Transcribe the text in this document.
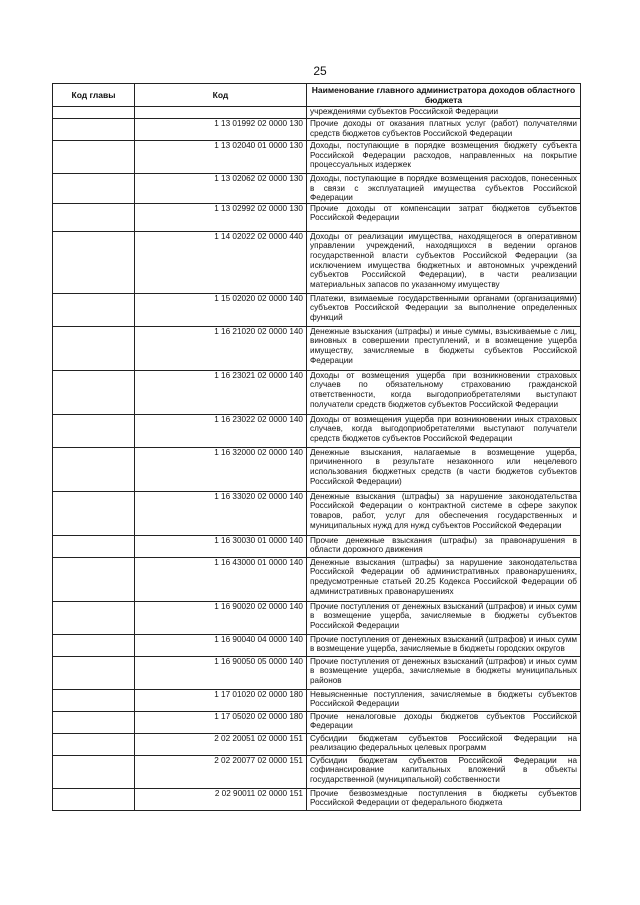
25
Код главы	Код	Наименование главного администратора доходов областного бюджета
		учреждениями субъектов Российской Федерации
	1 13 01992 02 0000 130	Прочие доходы от оказания платных услуг (работ) получателями средств бюджетов субъектов Российской Федерации
	1 13 02040 01 0000 130	Доходы, поступающие в порядке возмещения бюджету субъекта Российской Федерации расходов, направленных на покрытие процессуальных издержек
	1 13 02062 02 0000 130	Доходы, поступающие в порядке возмещения расходов, понесенных в связи с эксплуатацией имущества субъектов Российской Федерации
	1 13 02992 02 0000 130	Прочие доходы от компенсации затрат бюджетов субъектов Российской Федерации
	1 14 02022 02 0000 440	Доходы от реализации имущества, находящегося в оперативном управлении учреждений, находящихся в ведении органов государственной власти субъектов Российской Федерации (за исключением имущества бюджетных и автономных учреждений субъектов Российской Федерации), в части реализации материальных запасов по указанному имуществу
	1 15 02020 02 0000 140	Платежи, взимаемые государственными органами (организациями) субъектов Российской Федерации за выполнение определенных функций
	1 16 21020 02 0000 140	Денежные взыскания (штрафы) и иные суммы, взыскиваемые с лиц, виновных в совершении преступлений, и в возмещение ущерба имуществу, зачисляемые в бюджеты субъектов Российской Федерации
	1 16 23021 02 0000 140	Доходы от возмещения ущерба при возникновении страховых случаев по обязательному страхованию гражданской ответственности, когда выгодоприобретателями выступают получатели средств бюджетов субъектов Российской Федерации
	1 16 23022 02 0000 140	Доходы от возмещения ущерба при возникновении иных страховых случаев, когда выгодоприобретателями выступают получатели средств бюджетов субъектов Российской Федерации
	1 16 32000 02 0000 140	Денежные взыскания, налагаемые в возмещение ущерба, причиненного в результате незаконного или нецелевого использования бюджетных средств (в части бюджетов субъектов Российской Федерации)
	1 16 33020 02 0000 140	Денежные взыскания (штрафы) за нарушение законодательства Российской Федерации о контрактной системе в сфере закупок товаров, работ, услуг для обеспечения государственных и муниципальных нужд для нужд субъектов Российской Федерации
	1 16 30030 01 0000 140	Прочие денежные взыскания (штрафы) за правонарушения в области дорожного движения
	1 16 43000 01 0000 140	Денежные взыскания (штрафы) за нарушение законодательства Российской Федерации об административных правонарушениях, предусмотренные статьей 20.25 Кодекса Российской Федерации об административных правонарушениях
	1 16 90020 02 0000 140	Прочие поступления от денежных взысканий (штрафов) и иных сумм в возмещение ущерба, зачисляемые в бюджеты субъектов Российской Федерации
	1 16 90040 04 0000 140	Прочие поступления от денежных взысканий (штрафов) и иных сумм в возмещение ущерба, зачисляемые в бюджеты городских округов
	1 16 90050 05 0000 140	Прочие поступления от денежных взысканий (штрафов) и иных сумм в возмещение ущерба, зачисляемые в бюджеты муниципальных районов
	1 17 01020 02 0000 180	Невыясненные поступления, зачисляемые в бюджеты субъектов Российской Федерации
	1 17 05020 02 0000 180	Прочие неналоговые доходы бюджетов субъектов Российской Федерации
	2 02 20051 02 0000 151	Субсидии бюджетам субъектов Российской Федерации на реализацию федеральных целевых программ
	2 02 20077 02 0000 151	Субсидии бюджетам субъектов Российской Федерации на софинансирование капитальных вложений в объекты государственной (муниципальной) собственности
	2 02 90011 02 0000 151	Прочие безвозмездные поступления в бюджеты субъектов Российской Федерации от федерального бюджета
